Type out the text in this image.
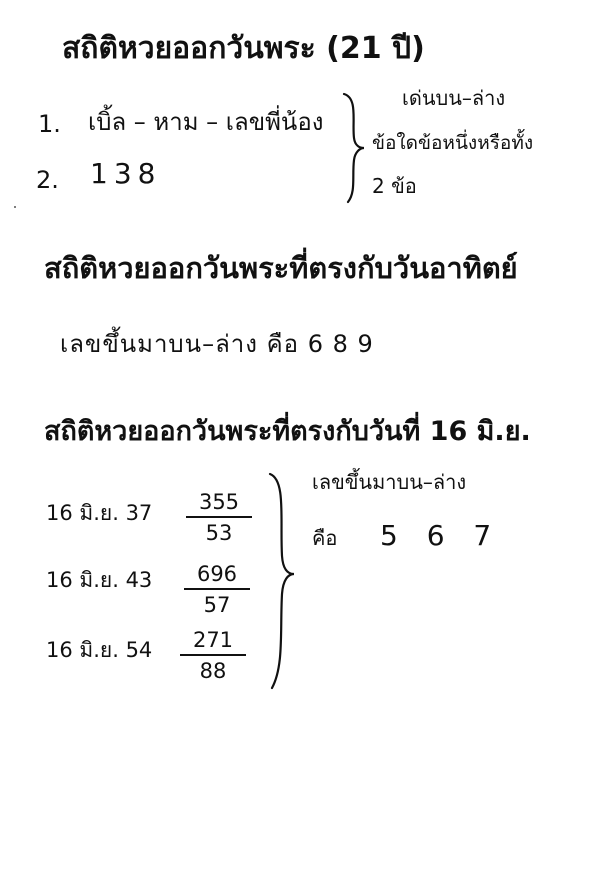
สถิติหวยออกวันพระ (21 ปี)
1. เบิ้ล – หาม – เลขพี่น้อง
2. 138
เด่นบน–ล่าง
ข้อใดข้อหนึ่งหรือทั้ง
2 ข้อ
สถิติหวยออกวันพระที่ตรงกับวันอาทิตย์
เลขขึ้นมาบน–ล่าง คือ 6 8 9
สถิติหวยออกวันพระที่ตรงกับวันที่ 16 มิ.ย.
16 มิ.ย. $37 \frac{355}{53}$
16 มิ.ย. $43 \frac{696}{57}$
16 มิ.ย. $54 \frac{271}{88}$
เลขขึ้นมาบน–ล่าง
คือ 5 6 7
